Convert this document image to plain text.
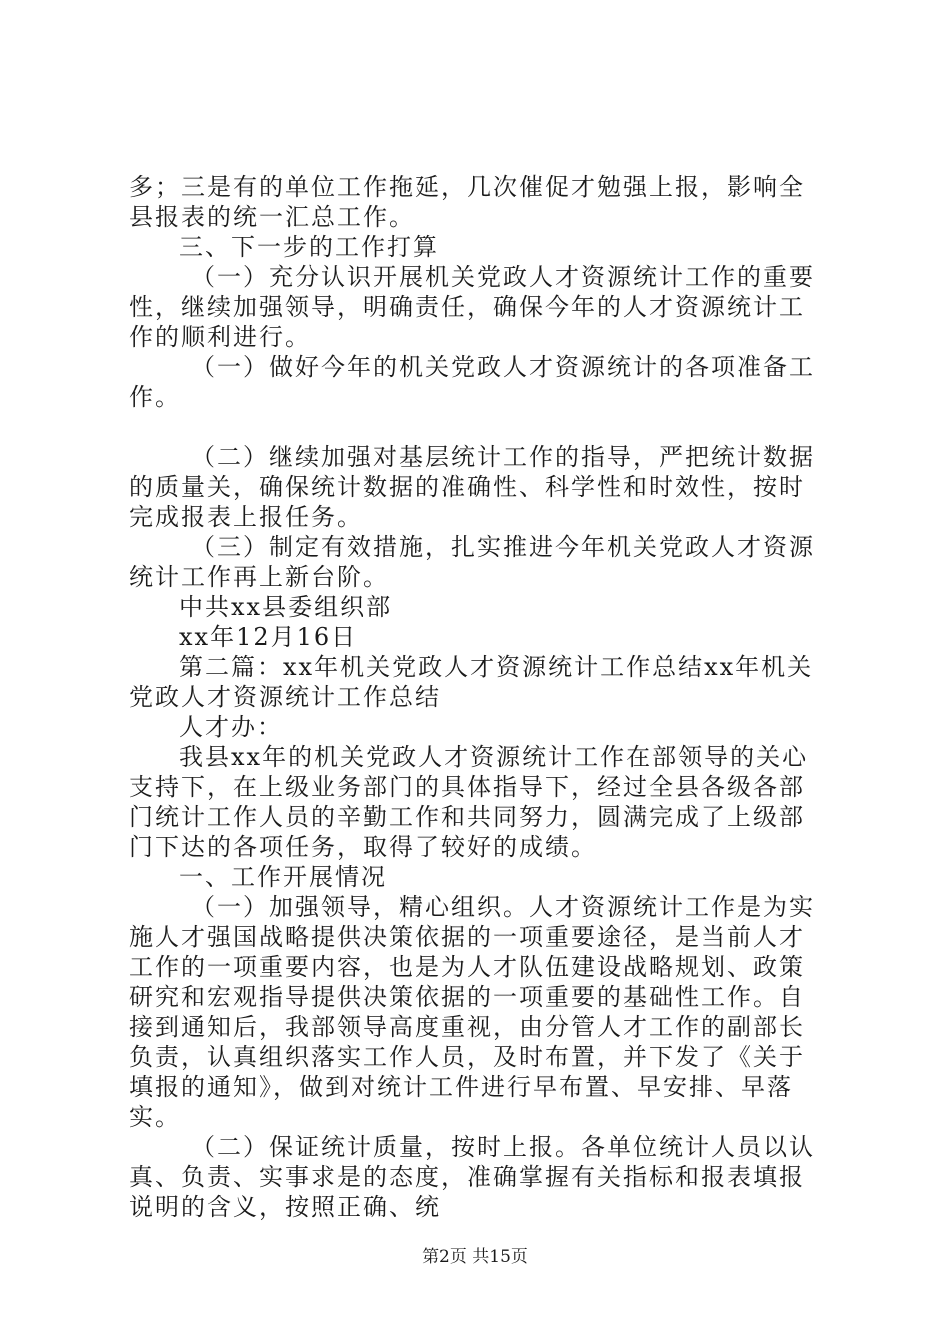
多；三是有的单位工作拖延，几次催促才勉强上报，影响全县报表的统一汇总工作。

三、下一步的工作打算

（一）充分认识开展机关党政人才资源统计工作的重要性，继续加强领导，明确责任，确保今年的人才资源统计工作的顺利进行。

（一）做好今年的机关党政人才资源统计的各项准备工作。

（二）继续加强对基层统计工作的指导，严把统计数据的质量关，确保统计数据的准确性、科学性和时效性，按时完成报表上报任务。

（三）制定有效措施，扎实推进今年机关党政人才资源统计工作再上新台阶。

中共xx县委组织部

xx年12月16日

第二篇：xx年机关党政人才资源统计工作总结xx年机关党政人才资源统计工作总结

人才办：

我县xx年的机关党政人才资源统计工作在部领导的关心支持下，在上级业务部门的具体指导下，经过全县各级各部门统计工作人员的辛勤工作和共同努力，圆满完成了上级部门下达的各项任务，取得了较好的成绩。

一、工作开展情况

（一）加强领导，精心组织。人才资源统计工作是为实施人才强国战略提供决策依据的一项重要途径，是当前人才工作的一项重要内容，也是为人才队伍建设战略规划、政策研究和宏观指导提供决策依据的一项重要的基础性工作。自接到通知后，我部领导高度重视，由分管人才工作的副部长负责，认真组织落实工作人员，及时布置，并下发了《关于填报的通知》，做到对统计工件进行早布置、早安排、早落实。

（二）保证统计质量，按时上报。各单位统计人员以认真、负责、实事求是的态度，准确掌握有关指标和报表填报说明的含义，按照正确、统

第2页 共15页
